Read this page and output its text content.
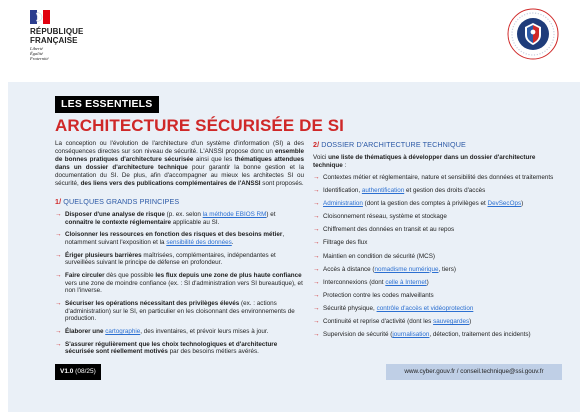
RÉPUBLIQUE
FRANÇAISE
Liberté
Égalité
Fraternité
LES ESSENTIELS
ARCHITECTURE SÉCURISÉE DE SI

La conception ou l'évolution de l'architecture d'un système d'information (SI) a des conséquences directes sur son niveau de sécurité. L'ANSSI propose donc un ensemble de bonnes pratiques d'architecture sécurisée ainsi que les thématiques attendues dans un dossier d'architecture technique pour garantir la bonne gestion et la documentation du SI. De plus, afin d'accompagner au mieux les architectes SI ou sécurité, des liens vers des publications complémentaires de l'ANSSI sont proposés.

1/ QUELQUES GRANDS PRINCIPES
→ Disposer d'une analyse de risque (p. ex. selon la méthode EBIOS RM) et connaître le contexte réglementaire applicable au SI.
→ Cloisonner les ressources en fonction des risques et des besoins métier, notamment suivant l'exposition et la sensibilité des données.
→ Ériger plusieurs barrières maîtrisées, complémentaires, indépendantes et surveillées suivant le principe de défense en profondeur.
→ Faire circuler dès que possible les flux depuis une zone de plus haute confiance vers une zone de moindre confiance (ex. : SI d'administration vers SI bureautique), et non l'inverse.
→ Sécuriser les opérations nécessitant des privilèges élevés (ex. : actions d'administration) sur le SI, en particulier en les cloisonnant des environnements de production.
→ Élaborer une cartographie, des inventaires, et prévoir leurs mises à jour.
→ S'assurer régulièrement que les choix technologiques et d'architecture sécurisée sont réellement motivés par des besoins métiers avérés.
2/ DOSSIER D'ARCHITECTURE TECHNIQUE

Voici une liste de thématiques à développer dans un dossier d'architecture technique :

→ Contextes métier et réglementaire, nature et sensibilité des données et traitements
→ Identification, authentification et gestion des droits d'accès
→ Administration (dont la gestion des comptes à privilèges et DevSecOps)
→ Cloisonnement réseau, système et stockage
→ Chiffrement des données en transit et au repos
→ Filtrage des flux
→ Maintien en condition de sécurité (MCS)
→ Accès à distance (nomadisme numérique, tiers)
→ Interconnexions (dont celle à Internet)
→ Protection contre les codes malveillants
→ Sécurité physique, contrôle d'accès et vidéoprotection
→ Continuité et reprise d'activité (dont les sauvegardes)
→ Supervision de sécurité (journalisation, détection, traitement des incidents)
V1.0 (08/25)	www.cyber.gouv.fr / conseil.technique@ssi.gouv.fr
